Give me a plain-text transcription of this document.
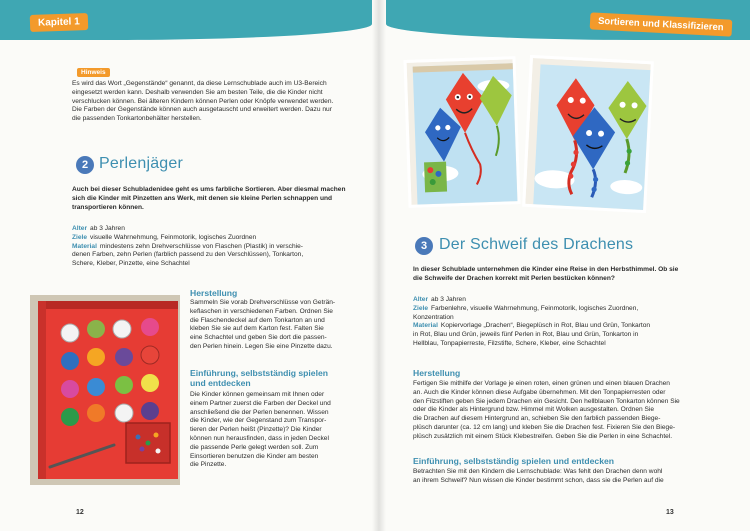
Kapitel 1	Sortieren und Klassifizieren
Hinweis
Es wird das Wort „Gegenstände“ genannt, da diese Lernschublade auch im U3-Bereich
eingesetzt werden kann. Deshalb verwenden Sie am besten Teile, die die Kinder nicht
verschlucken können. Bei älteren Kindern können Perlen oder Knöpfe verwendet werden.
Die Farben der Gegenstände können auch ausgetauscht und erweitert werden. Dazu nur
die passenden Tonkartonbehälter herstellen.
2 Perlenjäger
Auch bei dieser Schubladenidee geht es ums farbliche Sortieren. Aber diesmal machen
sich die Kinder mit Pinzetten ans Werk, mit denen sie kleine Perlen schnappen und
transportieren können.
Alter ab 3 Jahren
Ziele visuelle Wahrnehmung, Feinmotorik, logisches Zuordnen
Material mindestens zehn Drehverschlüsse von Flaschen (Plastik) in verschie-
denen Farben, zehn Perlen (farblich passend zu den Verschlüssen), Tonkarton,
Schere, Kleber, Pinzette, eine Schachtel
Herstellung
Sammeln Sie vorab Drehverschlüsse von Geträn-
keflaschen in verschiedenen Farben. Ordnen Sie
die Flaschendeckel auf dem Tonkarton an und
kleben Sie sie auf dem Karton fest. Falten Sie
eine Schachtel und geben Sie dort die passen-
den Perlen hinein. Legen Sie eine Pinzette dazu.
Einführung, selbstständig spielen
und entdecken
Die Kinder können gemeinsam mit Ihnen oder
einem Partner zuerst die Farben der Deckel und
anschließend die der Perlen benennen. Wissen
die Kinder, wie der Gegenstand zum Transpor-
tieren der Perlen heißt (Pinzette)? Die Kinder
können nun herausfinden, dass in jeden Deckel
die passende Perle gelegt werden soll. Zum
Einsortieren benutzen die Kinder am besten
die Pinzette.
12
3 Der Schweif des Drachens
In dieser Schublade unternehmen die Kinder eine Reise in den Herbsthimmel. Ob sie
die Schweife der Drachen korrekt mit Perlen bestücken können?
Alter ab 3 Jahren
Ziele Farbenlehre, visuelle Wahrnehmung, Feinmotorik, logisches Zuordnen,
Konzentration
Material Kopiervorlage „Drachen“, Biegeplüsch in Rot, Blau und Grün, Tonkarton
in Rot, Blau und Grün, jeweils fünf Perlen in Rot, Blau und Grün, Tonkarton in
Hellblau, Tonpapierreste, Filzstifte, Schere, Kleber, eine Schachtel
Herstellung
Fertigen Sie mithilfe der Vorlage je einen roten, einen grünen und einen blauen Drachen
an. Auch die Kinder können diese Aufgabe übernehmen. Mit den Tonpapierresten oder
den Filzstiften geben Sie jedem Drachen ein Gesicht. Den hellblauen Tonkarton können Sie
oder die Kinder als Hintergrund bzw. Himmel mit Wolken ausgestalten. Ordnen Sie
die Drachen auf diesem Hintergrund an, schieben Sie den farblich passenden Biege-
plüsch darunter (ca. 12 cm lang) und kleben Sie die Drachen fest. Fixieren Sie den Biege-
plüsch zusätzlich mit einem Stück Klebestreifen. Geben Sie die Perlen in eine Schachtel.
Einführung, selbstständig spielen und entdecken
Betrachten Sie mit den Kindern die Lernschublade: Was fehlt den Drachen denn wohl
an ihrem Schweif? Nun wissen die Kinder bestimmt schon, dass sie die Perlen auf die
13
